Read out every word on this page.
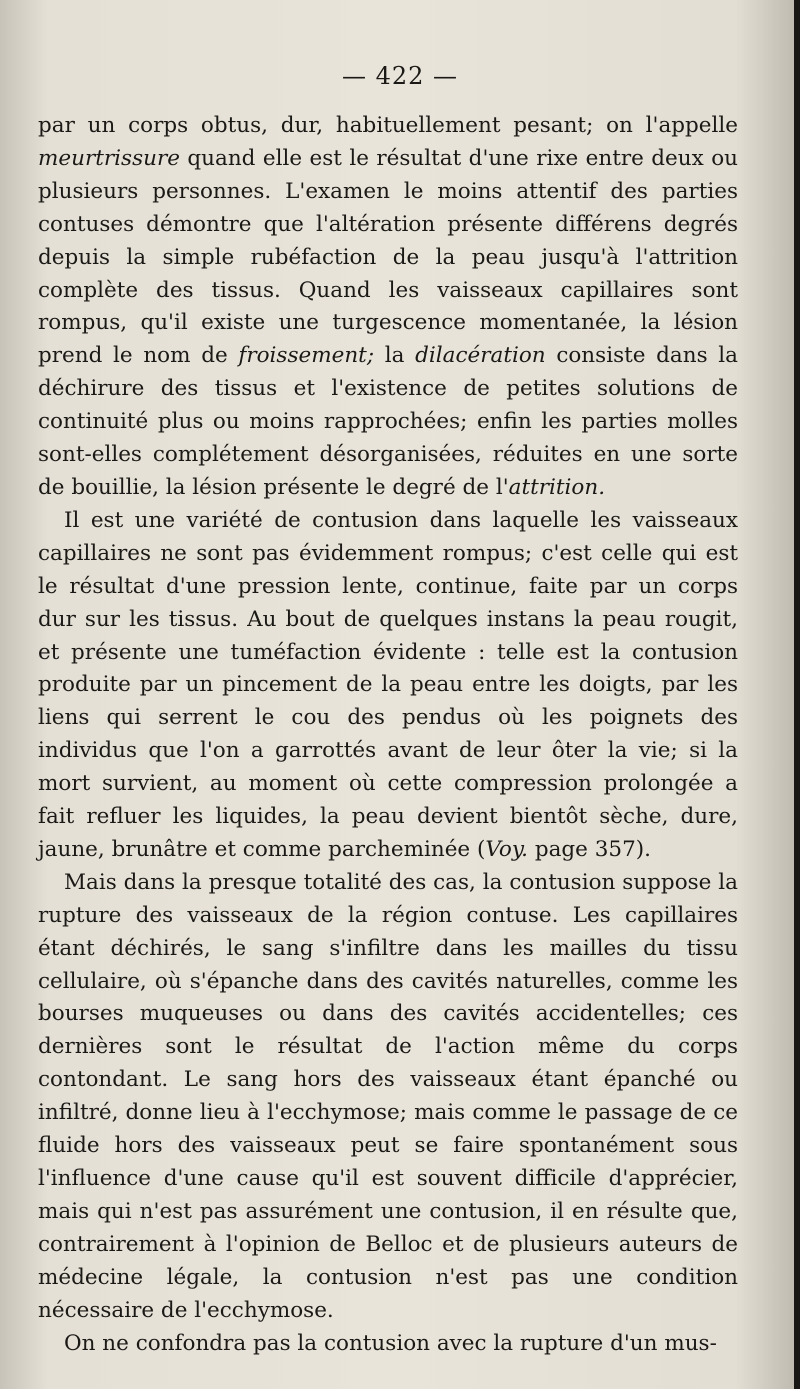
— 422 —

par un corps obtus, dur, habituellement pesant; on l'appelle meurtrissure quand elle est le résultat d'une rixe entre deux ou plusieurs personnes. L'examen le moins attentif des parties contuses démontre que l'altération présente différens degrés depuis la simple rubéfaction de la peau jusqu'à l'attrition complète des tissus. Quand les vaisseaux capillaires sont rompus, qu'il existe une turgescence momentanée, la lésion prend le nom de froissement; la dilacération consiste dans la déchirure des tissus et l'existence de petites solutions de continuité plus ou moins rapprochées; enfin les parties molles sont-elles complétement désorganisées, réduites en une sorte de bouillie, la lésion présente le degré de l'attrition.

Il est une variété de contusion dans laquelle les vaisseaux capillaires ne sont pas évidemment rompus; c'est celle qui est le résultat d'une pression lente, continue, faite par un corps dur sur les tissus. Au bout de quelques instans la peau rougit, et présente une tuméfaction évidente : telle est la contusion produite par un pincement de la peau entre les doigts, par les liens qui serrent le cou des pendus où les poignets des individus que l'on a garrottés avant de leur ôter la vie; si la mort survient, au moment où cette compression prolongée a fait refluer les liquides, la peau devient bientôt sèche, dure, jaune, brunâtre et comme parcheminée (Voy. page 357).

Mais dans la presque totalité des cas, la contusion suppose la rupture des vaisseaux de la région contuse. Les capillaires étant déchirés, le sang s'infiltre dans les mailles du tissu cellulaire, où s'épanche dans des cavités naturelles, comme les bourses muqueuses ou dans des cavités accidentelles; ces dernières sont le résultat de l'action même du corps contondant. Le sang hors des vaisseaux étant épanché ou infiltré, donne lieu à l'ecchymose; mais comme le passage de ce fluide hors des vaisseaux peut se faire spontanément sous l'influence d'une cause qu'il est souvent difficile d'apprécier, mais qui n'est pas assurément une contusion, il en résulte que, contrairement à l'opinion de Belloc et de plusieurs auteurs de médecine légale, la contusion n'est pas une condition nécessaire de l'ecchymose.

On ne confondra pas la contusion avec la rupture d'un mus-
